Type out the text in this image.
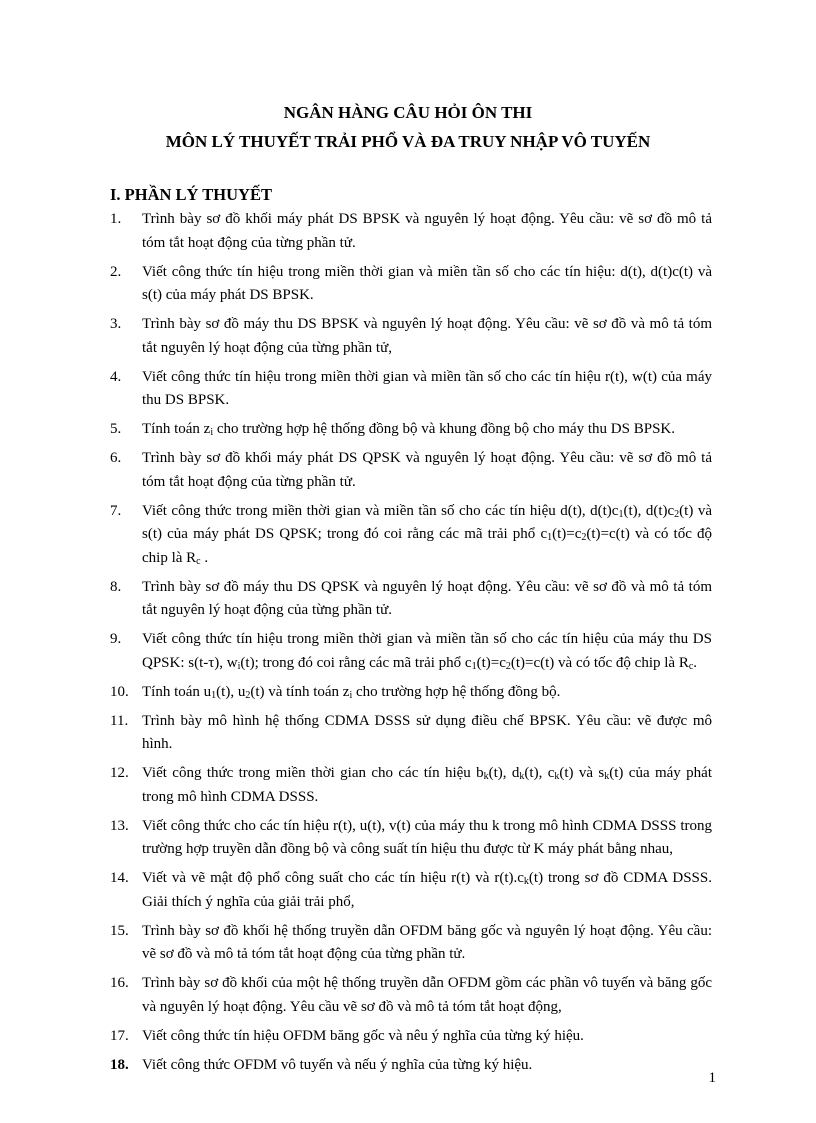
NGÂN HÀNG CÂU HỎI ÔN THI
MÔN LÝ THUYẾT TRẢI PHỔ VÀ ĐA TRUY NHẬP VÔ TUYẾN
I. PHẦN LÝ THUYẾT
1.	Trình bày sơ đồ khối máy phát DS BPSK và nguyên lý hoạt động. Yêu cầu: vẽ sơ đồ mô tả tóm tắt hoạt động của từng phần tử.
2.	Viết công thức tín hiệu trong miền thời gian và miền tần số cho các tín hiệu: d(t), d(t)c(t) và s(t) của máy phát DS BPSK.
3.	Trình bày sơ đồ máy thu DS BPSK và nguyên lý hoạt động. Yêu cầu: vẽ sơ đồ và mô tả tóm tắt nguyên lý hoạt động của từng phần tử,
4.	Viết công thức tín hiệu trong miền thời gian và miền tần số cho các tín hiệu r(t), w(t) của máy thu DS BPSK.
5.	Tính toán $z_i$ cho trường hợp hệ thống đồng bộ và khung đồng bộ cho máy thu DS BPSK.
6.	Trình bày sơ đồ khối máy phát DS QPSK và nguyên lý hoạt động. Yêu cầu: vẽ sơ đồ mô tả tóm tắt hoạt động của từng phần tử.
7.	Viết công thức trong miền thời gian và miền tần số cho các tín hiệu d(t), $d(t)c_1(t)$, $d(t)c_2(t)$ và s(t) của máy phát DS QPSK; trong đó coi rằng các mã trải phổ $c_1(t)=c_2(t)=c(t)$ và có tốc độ chip là $R_c$ .
8.	Trình bày sơ đồ máy thu DS QPSK và nguyên lý hoạt động. Yêu cầu: vẽ sơ đồ và mô tả tóm tắt nguyên lý hoạt động của từng phần tử.
9.	Viết công thức tín hiệu trong miền thời gian và miền tần số cho các tín hiệu của máy thu DS QPSK: s(t-τ), $w_i(t)$; trong đó coi rằng các mã trải phổ $c_1(t)=c_2(t)=c(t)$ và có tốc độ chip là $R_c$.
10. Tính toán $u_1(t)$, $u_2(t)$ và tính toán $z_i$ cho trường hợp hệ thống đồng bộ.
11. Trình bày mô hình hệ thống CDMA DSSS sử dụng điều chế BPSK. Yêu cầu: vẽ được mô hình.
12. Viết công thức trong miền thời gian cho các tín hiệu $b_k(t)$, $d_k(t)$, $c_k(t)$ và $s_k(t)$ của máy phát trong mô hình CDMA DSSS.
13. Viết công thức cho các tín hiệu r(t), u(t), v(t) của máy thu k trong mô hình CDMA DSSS trong trường hợp truyền dẫn đồng bộ và công suất tín hiệu thu được từ K máy phát bằng nhau,
14. Viết và vẽ mật độ phổ công suất cho các tín hiệu r(t) và $r(t).c_k(t)$ trong sơ đồ CDMA DSSS. Giải thích ý nghĩa của giải trải phổ,
15. Trình bày sơ đồ khối hệ thống truyền dẫn OFDM băng gốc và nguyên lý hoạt động. Yêu cầu: vẽ sơ đồ và mô tả tóm tắt hoạt động của từng phần tử.
16. Trình bày sơ đồ khối của một hệ thống truyền dẫn OFDM gồm các phần vô tuyến và băng gốc và nguyên lý hoạt động. Yêu cầu vẽ sơ đồ và mô tả tóm tắt hoạt động,
17. Viết công thức tín hiệu OFDM băng gốc và nêu ý nghĩa của từng ký hiệu.
18. Viết công thức OFDM vô tuyến và nếu ý nghĩa của từng ký hiệu.
1
